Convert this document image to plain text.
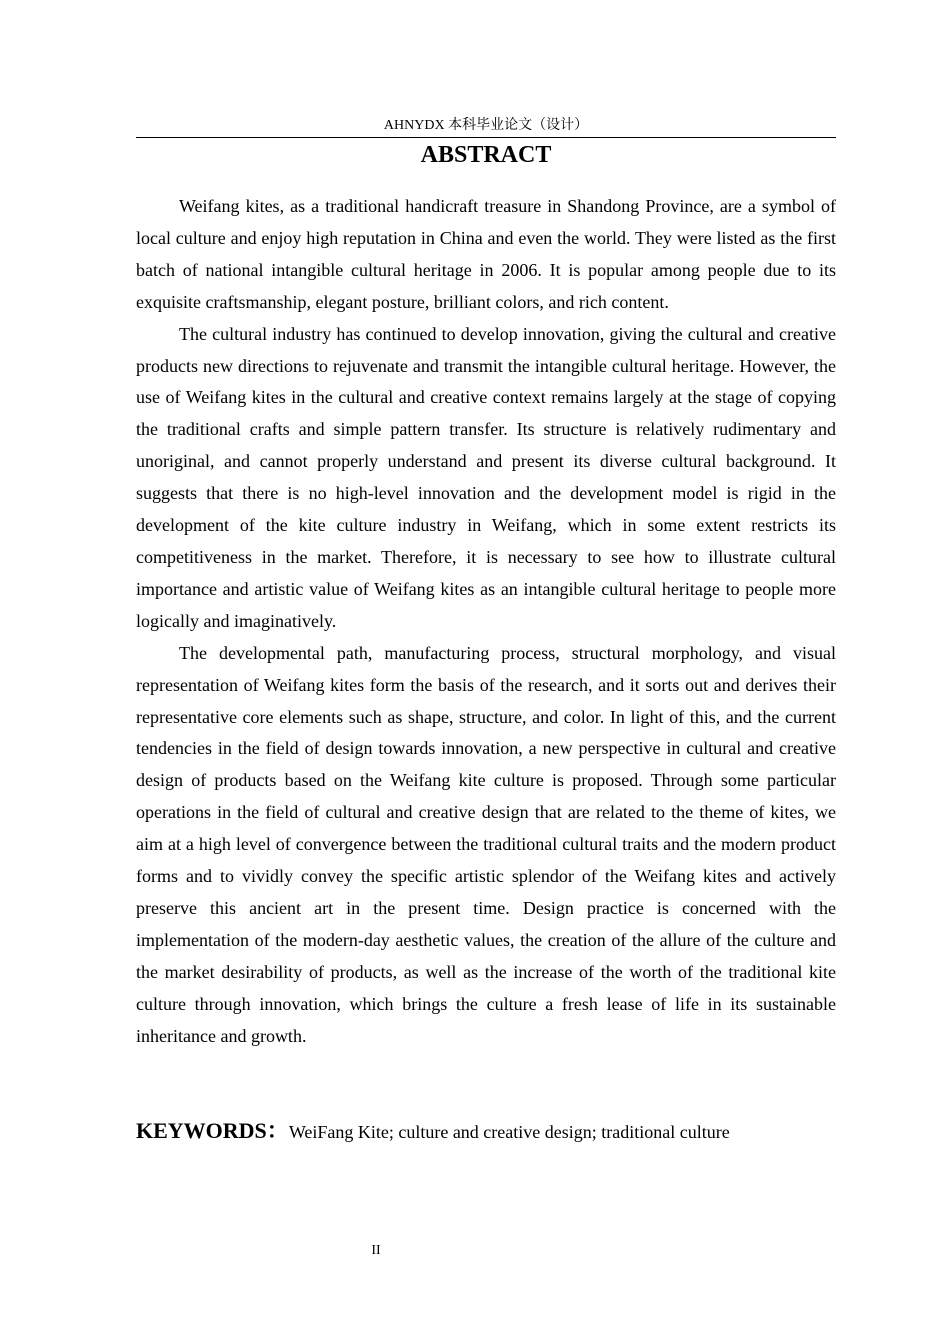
AHNYDX 本科毕业论文（设计）
ABSTRACT

Weifang kites, as a traditional handicraft treasure in Shandong Province, are a symbol of local culture and enjoy high reputation in China and even the world. They were listed as the first batch of national intangible cultural heritage in 2006. It is popular among people due to its exquisite craftsmanship, elegant posture, brilliant colors, and rich content.

The cultural industry has continued to develop innovation, giving the cultural and creative products new directions to rejuvenate and transmit the intangible cultural heritage. However, the use of Weifang kites in the cultural and creative context remains largely at the stage of copying the traditional crafts and simple pattern transfer. Its structure is relatively rudimentary and unoriginal, and cannot properly understand and present its diverse cultural background. It suggests that there is no high-level innovation and the development model is rigid in the development of the kite culture industry in Weifang, which in some extent restricts its competitiveness in the market. Therefore, it is necessary to see how to illustrate cultural importance and artistic value of Weifang kites as an intangible cultural heritage to people more logically and imaginatively.

The developmental path, manufacturing process, structural morphology, and visual representation of Weifang kites form the basis of the research, and it sorts out and derives their representative core elements such as shape, structure, and color. In light of this, and the current tendencies in the field of design towards innovation, a new perspective in cultural and creative design of products based on the Weifang kite culture is proposed. Through some particular operations in the field of cultural and creative design that are related to the theme of kites, we aim at a high level of convergence between the traditional cultural traits and the modern product forms and to vividly convey the specific artistic splendor of the Weifang kites and actively preserve this ancient art in the present time. Design practice is concerned with the implementation of the modern-day aesthetic values, the creation of the allure of the culture and the market desirability of products, as well as the increase of the worth of the traditional kite culture through innovation, which brings the culture a fresh lease of life in its sustainable inheritance and growth.

KEYWORDS：WeiFang Kite; culture and creative design; traditional culture
II
